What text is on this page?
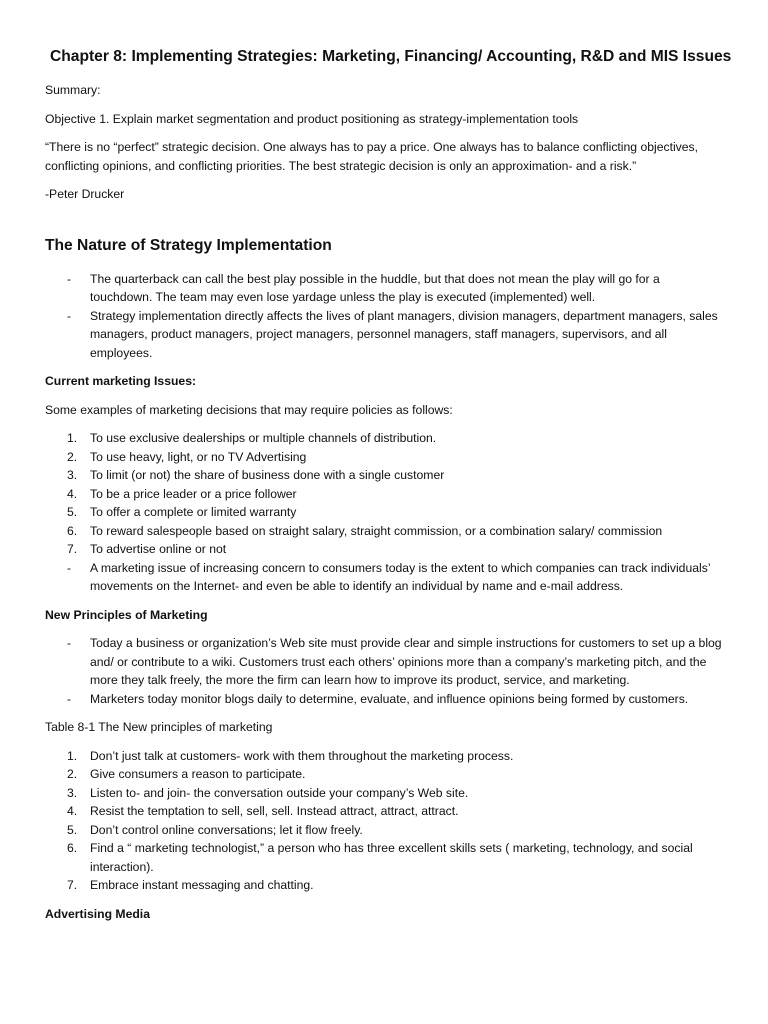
Chapter 8: Implementing Strategies: Marketing, Financing/ Accounting, R&D and MIS Issues

Summary:

Objective 1. Explain market segmentation and product positioning as strategy-implementation tools

“There is no “perfect” strategic decision. One always has to pay a price. One always has to balance conflicting objectives, conflicting opinions, and conflicting priorities. The best strategic decision is only an approximation- and a risk.”

-Peter Drucker

The Nature of Strategy Implementation
- The quarterback can call the best play possible in the huddle, but that does not mean the play will go for a touchdown. The team may even lose yardage unless the play is executed (implemented) well.
- Strategy implementation directly affects the lives of plant managers, division managers, department managers, sales managers, product managers, project managers, personnel managers, staff managers, supervisors, and all employees.

Current marketing Issues:

Some examples of marketing decisions that may require policies as follows:

1. To use exclusive dealerships or multiple channels of distribution.
2. To use heavy, light, or no TV Advertising
3. To limit (or not) the share of business done with a single customer
4. To be a price leader or a price follower
5. To offer a complete or limited warranty
6. To reward salespeople based on straight salary, straight commission, or a combination salary/ commission
7. To advertise online or not
- A marketing issue of increasing concern to consumers today is the extent to which companies can track individuals’ movements on the Internet- and even be able to identify an individual by name and e-mail address.

New Principles of Marketing

- Today a business or organization’s Web site must provide clear and simple instructions for customers to set up a blog and/ or contribute to a wiki. Customers trust each others’ opinions more than a company’s marketing pitch, and the more they talk freely, the more the firm can learn how to improve its product, service, and marketing.
- Marketers today monitor blogs daily to determine, evaluate, and influence opinions being formed by customers.

Table 8-1 The New principles of marketing

1. Don’t just talk at customers- work with them throughout the marketing process.
2. Give consumers a reason to participate.
3. Listen to- and join- the conversation outside your company’s Web site.
4. Resist the temptation to sell, sell, sell. Instead attract, attract, attract.
5. Don’t control online conversations; let it flow freely.
6. Find a “ marketing technologist,” a person who has three excellent skills sets ( marketing, technology, and social interaction).
7. Embrace instant messaging and chatting.

Advertising Media
